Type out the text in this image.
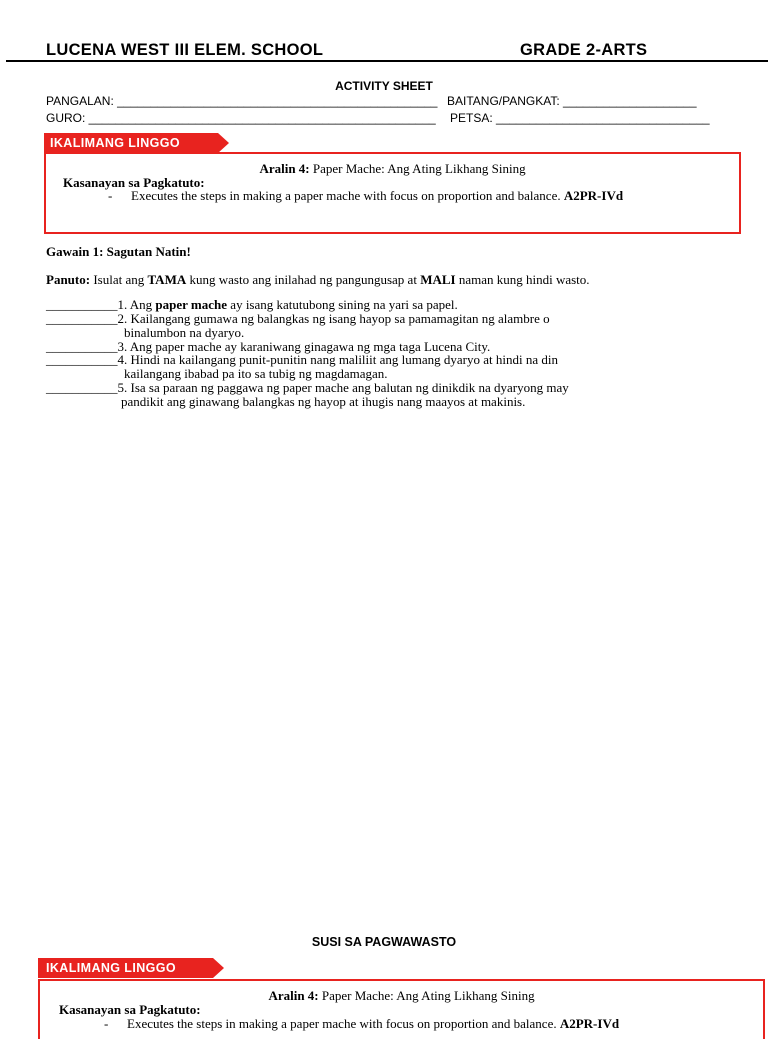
LUCENA WEST III ELEM. SCHOOL	GRADE 2-ARTS
ACTIVITY SHEET
PANGALAN: ________________________________________________ BAITANG/PANGKAT: ____________________
GURO: ____________________________________________________ PETSA: ________________________________
IKALIMANG LINGGO
Aralin 4: Paper Mache: Ang Ating Likhang Sining
Kasanayan sa Pagkatuto:
- Executes the steps in making a paper mache with focus on proportion and balance. A2PR-IVd
Gawain 1: Sagutan Natin!
Panuto: Isulat ang TAMA kung wasto ang inilahad ng pangungusap at MALI naman kung hindi wasto.
___________1. Ang paper mache ay isang katutubong sining na yari sa papel.
___________2. Kailangang gumawa ng balangkas ng isang hayop sa pamamagitan ng alambre o
binalumbon na dyaryo.
___________3. Ang paper mache ay karaniwang ginagawa ng mga taga Lucena City.
___________4. Hindi na kailangang punit-punitin nang maliliit ang lumang dyaryo at hindi na din
kailangang ibabad pa ito sa tubig ng magdamagan.
___________5. Isa sa paraan ng paggawa ng paper mache ang balutan ng dinikdik na dyaryong may
pandikit ang ginawang balangkas ng hayop at ihugis nang maayos at makinis.
SUSI SA PAGWAWASTO
IKALIMANG LINGGO
Aralin 4: Paper Mache: Ang Ating Likhang Sining
Kasanayan sa Pagkatuto:
- Executes the steps in making a paper mache with focus on proportion and balance. A2PR-IVd
